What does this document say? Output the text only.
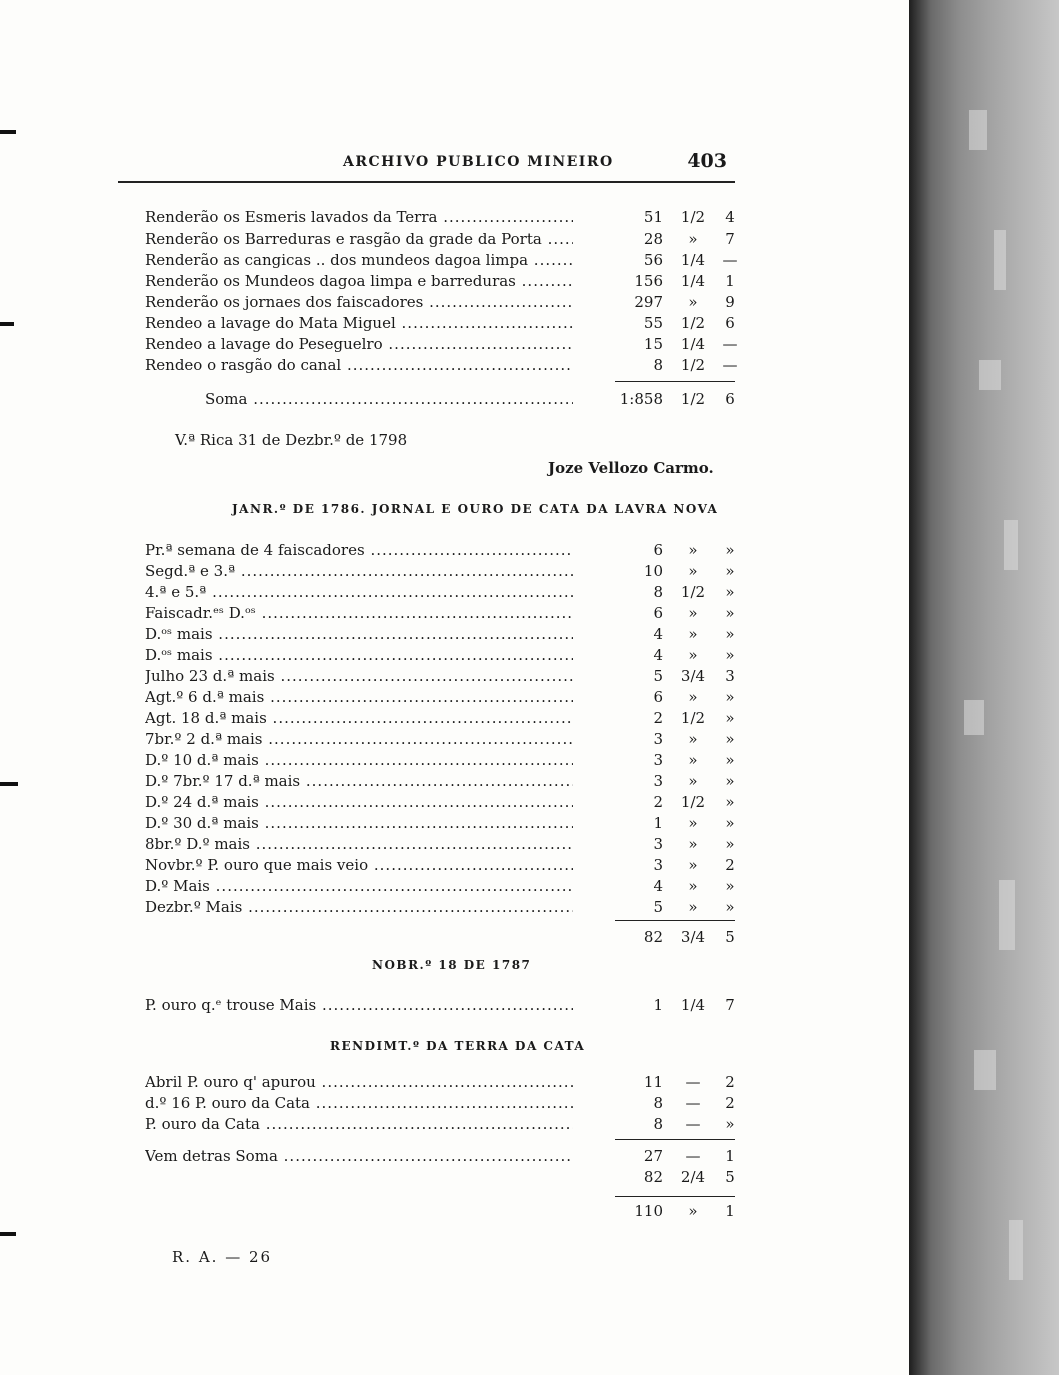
ARCHIVO PUBLICO MINEIRO	403
Renderão os Esmeris lavados da Terra .....	51	1/2	4
Renderão os Barreduras e rasgão da grade da Porta .....	28	»	7
Renderão as cangicas .. dos mundeos dagoa limpa .....	56	1/4	—
Renderão os Mundeos dagoa limpa e barreduras .....	156	1/4	1
Renderão os jornaes dos faiscadores .....	297	»	9
Rendeo a lavage do Mata Miguel .....	55	1/2	6
Rendeo a lavage do Peseguelro .....	15	1/4	—
Rendeo o rasgão do canal .....	8	1/2	—
Soma .....	1:858	1/2	6
V.ª Rica 31 de Dezbr.º de 1798
Joze Vellozo Carmo.
JANR.º DE 1786. JORNAL E OURO DE CATA DA LAVRA NOVA
Pr.ª semana de 4 faiscadores .....	6	»	»
Segd.ª e 3.ª .....	10	»	»
4.ª e 5.ª .....	8	1/2	»
Faiscadr.ᵉˢ D.ᵒˢ .....	6	»	»
D.ᵒˢ mais .....	4	»	»
D.ᵒˢ mais .....	4	»	»
Julho 23 d.ª mais .....	5	3/4	3
Agt.º 6 d.ª mais .....	6	»	»
Agt. 18 d.ª mais .....	2	1/2	»
7br.º 2 d.ª mais .....	3	»	»
D.º 10 d.ª mais .....	3	»	»
D.º 7br.º 17 d.ª mais .....	3	»	»
D.º 24 d.ª mais .....	2	1/2	»
D.º 30 d.ª mais .....	1	»	»
8br.º D.º mais .....	3	»	»
Novbr.º P. ouro que mais veio .....	3	»	2
D.º Mais .....	4	»	»
Dezbr.º Mais .....	5	»	»
82	3/4	5
NOBR.º 18 DE 1787
P. ouro q.ᵉ trouse Mais .....	1	1/4	7
RENDIMT.º DA TERRA DA CATA
Abril P. ouro q' apurou .....	11	—	2
d.º 16 P. ouro da Cata .....	8	—	2
P. ouro da Cata .....	8	—	»
Vem detras Soma .....	27	—	1
82	2/4	5
110	»	1
R. A. — 26
